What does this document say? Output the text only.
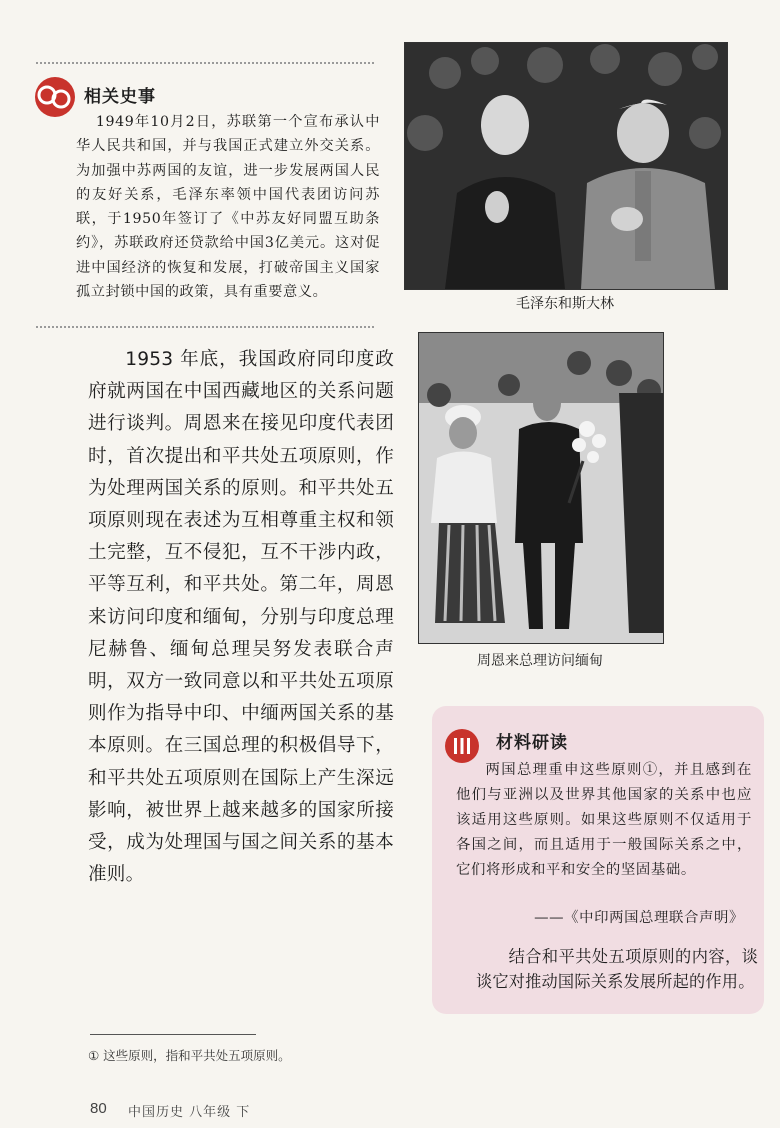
相关史事
1949年10月2日，苏联第一个宣布承认中华人民共和国，并与我国正式建立外交关系。为加强中苏两国的友谊，进一步发展两国人民的友好关系，毛泽东率领中国代表团访问苏联，于1950年签订了《中苏友好同盟互助条约》，苏联政府还贷款给中国3亿美元。这对促进中国经济的恢复和发展，打破帝国主义国家孤立封锁中国的政策，具有重要意义。

1953 年底，我国政府同印度政府就两国在中国西藏地区的关系问题进行谈判。周恩来在接见印度代表团时，首次提出和平共处五项原则，作为处理两国关系的原则。和平共处五项原则现在表述为互相尊重主权和领土完整，互不侵犯，互不干涉内政，平等互利，和平共处。第二年，周恩来访问印度和缅甸，分别与印度总理尼赫鲁、缅甸总理吴努发表联合声明，双方一致同意以和平共处五项原则作为指导中印、中缅两国关系的基本原则。在三国总理的积极倡导下，和平共处五项原则在国际上产生深远影响，被世界上越来越多的国家所接受，成为处理国与国之间关系的基本准则。

毛泽东和斯大林
周恩来总理访问缅甸
材料研读
两国总理重申这些原则①，并且感到在他们与亚洲以及世界其他国家的关系中也应该适用这些原则。如果这些原则不仅适用于各国之间，而且适用于一般国际关系之中，它们将形成和平和安全的坚固基础。
——《中印两国总理联合声明》
结合和平共处五项原则的内容，谈谈它对推动国际关系发展所起的作用。
① 这些原则，指和平共处五项原则。
80 中国历史 八年级 下
